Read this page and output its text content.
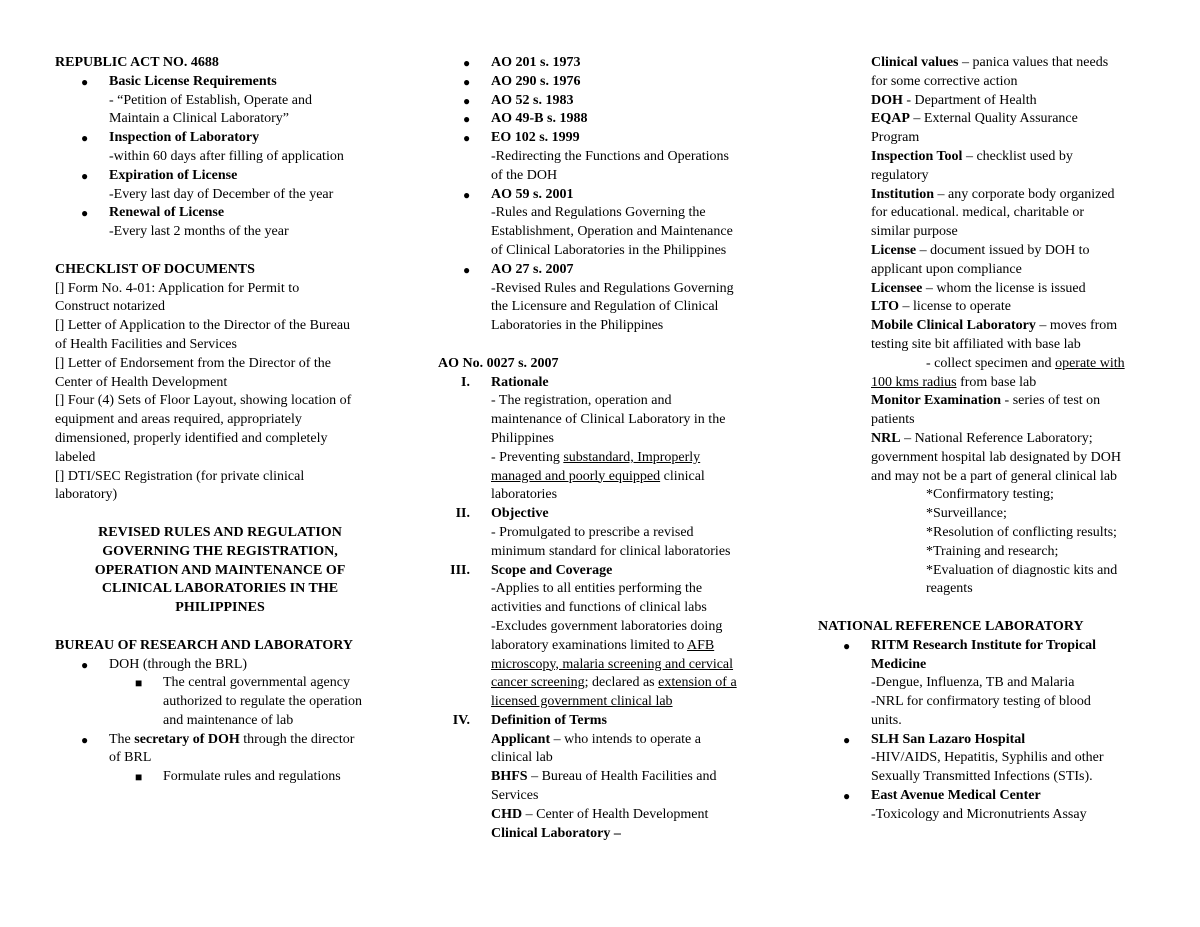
REPUBLIC ACT NO. 4688
● Basic License Requirements
- “Petition of Establish, Operate and
Maintain a Clinical Laboratory”
● Inspection of Laboratory
-within 60 days after filling of application
● Expiration of License
-Every last day of December of the year
● Renewal of License
-Every last 2 months of the year
CHECKLIST OF DOCUMENTS
[] Form No. 4-01: Application for Permit to
Construct notarized
[] Letter of Application to the Director of the Bureau
of Health Facilities and Services
[] Letter of Endorsement from the Director of the
Center of Health Development
[] Four (4) Sets of Floor Layout, showing location of
equipment and areas required, appropriately
dimensioned, properly identified and completely
labeled
[] DTI/SEC Registration (for private clinical
laboratory)
REVISED RULES AND REGULATION
GOVERNING THE REGISTRATION,
OPERATION AND MAINTENANCE OF
CLINICAL LABORATORIES IN THE
PHILIPPINES
BUREAU OF RESEARCH AND LABORATORY
● DOH (through the BRL)
■ The central governmental agency
authorized to regulate the operation
and maintenance of lab
● The secretary of DOH through the director
of BRL
■ Formulate rules and regulations
● AO 201 s. 1973
● AO 290 s. 1976
● AO 52 s. 1983
● AO 49-B s. 1988
● EO 102 s. 1999
-Redirecting the Functions and Operations
of the DOH
● AO 59 s. 2001
-Rules and Regulations Governing the
Establishment, Operation and Maintenance
of Clinical Laboratories in the Philippines
● AO 27 s. 2007
-Revised Rules and Regulations Governing
the Licensure and Regulation of Clinical
Laboratories in the Philippines
AO No. 0027 s. 2007
I. Rationale
- The registration, operation and
maintenance of Clinical Laboratory in the
Philippines
- Preventing substandard, Improperly
managed and poorly equipped clinical
laboratories
II. Objective
- Promulgated to prescribe a revised
minimum standard for clinical laboratories
III. Scope and Coverage
-Applies to all entities performing the
activities and functions of clinical labs
-Excludes government laboratories doing
laboratory examinations limited to AFB
microscopy, malaria screening and cervical
cancer screening; declared as extension of a
licensed government clinical lab
IV. Definition of Terms
Applicant – who intends to operate a
clinical lab
BHFS – Bureau of Health Facilities and
Services
CHD – Center of Health Development
Clinical Laboratory –
Clinical values – panica values that needs
for some corrective action
DOH - Department of Health
EQAP – External Quality Assurance
Program
Inspection Tool – checklist used by
regulatory
Institution – any corporate body organized
for educational. medical, charitable or
similar purpose
License – document issued by DOH to
applicant upon compliance
Licensee – whom the license is issued
LTO – license to operate
Mobile Clinical Laboratory – moves from
testing site bit affiliated with base lab
- collect specimen and operate with
100 kms radius from base lab
Monitor Examination - series of test on
patients
NRL – National Reference Laboratory;
government hospital lab designated by DOH
and may not be a part of general clinical lab
*Confirmatory testing;
*Surveillance;
*Resolution of conflicting results;
*Training and research;
*Evaluation of diagnostic kits and
reagents
NATIONAL REFERENCE LABORATORY
● RITM Research Institute for Tropical
Medicine
-Dengue, Influenza, TB and Malaria
-NRL for confirmatory testing of blood
units.
● SLH San Lazaro Hospital
-HIV/AIDS, Hepatitis, Syphilis and other
Sexually Transmitted Infections (STIs).
● East Avenue Medical Center
-Toxicology and Micronutrients Assay
